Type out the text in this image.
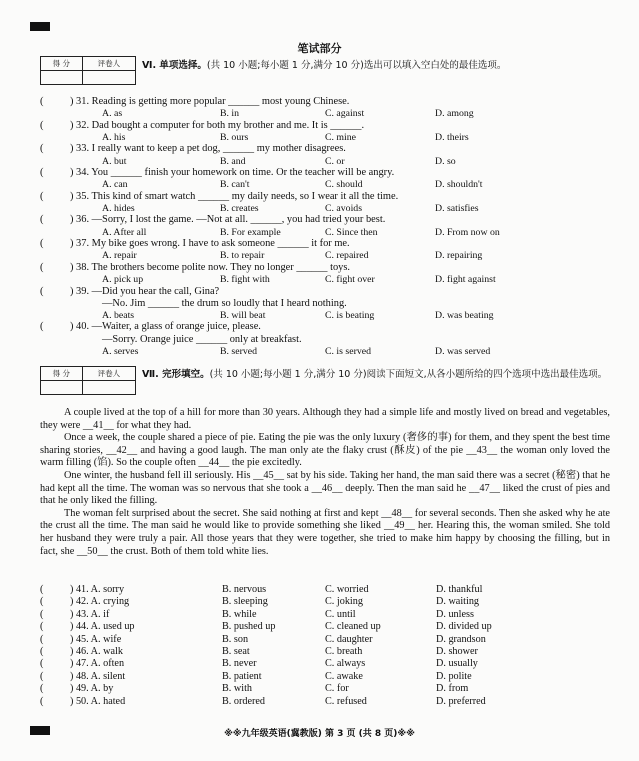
笔试部分
得 分	评卷人
	Ⅵ. 单项选择。(共 10 小题;每小题 1 分,满分 10 分)选出可以填入空白处的最佳选项。
(	) 31. Reading is getting more popular ______ most young Chinese.
A. as	B. in	C. against	D. among
(	) 32. Dad bought a computer for both my brother and me. It is ______.
A. his	B. ours	C. mine	D. theirs
(	) 33. I really want to keep a pet dog, ______ my mother disagrees.
A. but	B. and	C. or	D. so
(	) 34. You ______ finish your homework on time. Or the teacher will be angry.
A. can	B. can't	C. should	D. shouldn't
(	) 35. This kind of smart watch ______ my daily needs, so I wear it all the time.
A. hides	B. creates	C. avoids	D. satisfies
(	) 36. —Sorry, I lost the game. —Not at all. ______, you had tried your best.
A. After all	B. For example	C. Since then	D. From now on
(	) 37. My bike goes wrong. I have to ask someone ______ it for me.
A. repair	B. to repair	C. repaired	D. repairing
(	) 38. The brothers become polite now. They no longer ______ toys.
A. pick up	B. fight with	C. fight over	D. fight against
(	) 39. —Did you hear the call, Gina?
—No. Jim ______ the drum so loudly that I heard nothing.
A. beats	B. will beat	C. is beating	D. was beating
(	) 40. —Waiter, a glass of orange juice, please.
—Sorry. Orange juice ______ only at breakfast.
A. serves	B. served	C. is served	D. was served
得 分	评卷人
	Ⅶ. 完形填空。(共 10 小题;每小题 1 分,满分 10 分)阅读下面短文,从各小题所给的四个选项中选出最佳选项。

A couple lived at the top of a hill for more than 30 years. Although they had a simple life and mostly lived on bread and vegetables, they were __41__ for what they had.

Once a week, the couple shared a piece of pie. Eating the pie was the only luxury (奢侈的事) for them, and they spent the best time sharing stories, __42__ and having a good laugh. The man only ate the flaky crust (酥皮) of the pie __43__ the woman only loved the warm filling (馅). So the couple often __44__ the pie excitedly.

One winter, the husband fell ill seriously. His __45__ sat by his side. Taking her hand, the man said there was a secret (秘密) that he had kept all the time. The woman was so nervous that she took a __46__ deeply. Then the man said he __47__ liked the crust of pies and that he only liked the filling.

The woman felt surprised about the secret. She said nothing at first and kept __48__ for several seconds. Then she asked why he ate the crust all the time. The man said he would like to provide something she liked __49__ her. Hearing this, the woman smiled. She told her husband they were truly a pair. All those years that they were together, she tried to make him happy by choosing the filling, but in fact, she __50__ the crust. Both of them told white lies.

(	) 41. A. sorry	B. nervous	C. worried	D. thankful
(	) 42. A. crying	B. sleeping	C. joking	D. waiting
(	) 43. A. if	B. while	C. until	D. unless
(	) 44. A. used up	B. pushed up	C. cleaned up	D. divided up
(	) 45. A. wife	B. son	C. daughter	D. grandson
(	) 46. A. walk	B. seat	C. breath	D. shower
(	) 47. A. often	B. never	C. always	D. usually
(	) 48. A. silent	B. patient	C. awake	D. polite
(	) 49. A. by	B. with	C. for	D. from
(	) 50. A. hated	B. ordered	C. refused	D. preferred
※※九年级英语(冀教版) 第 3 页 (共 8 页)※※
